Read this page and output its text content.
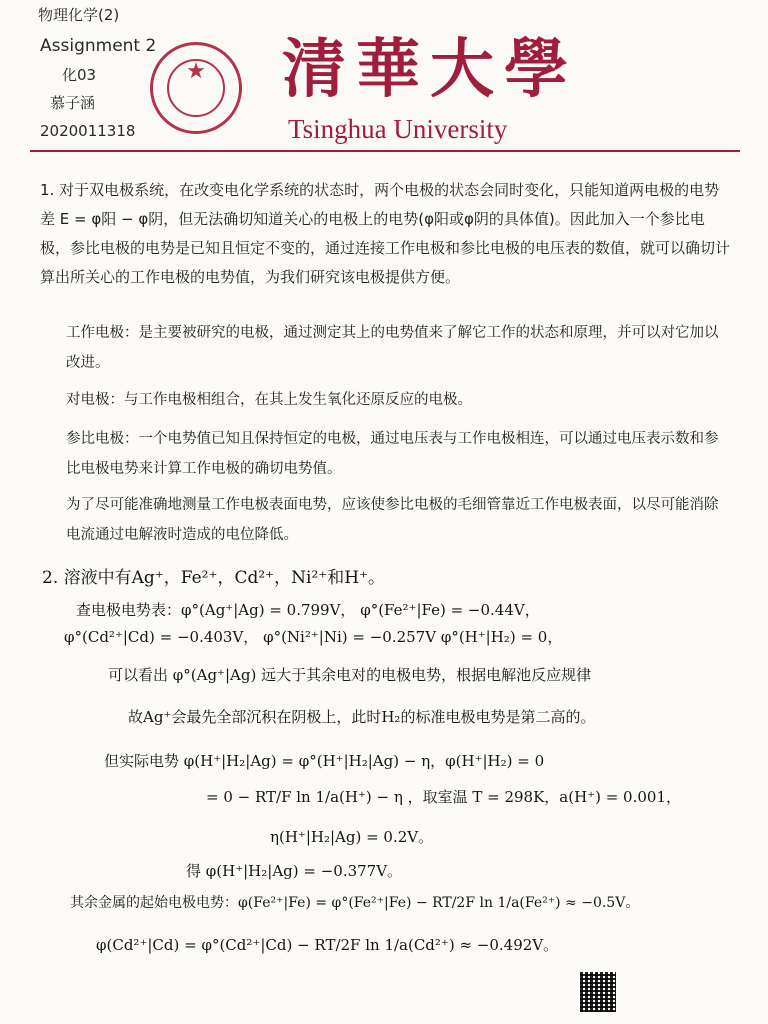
物理化学(2)
Assignment 2
化03
慕子涵
2020011318
★	清華大學
Tsinghua University
1. 对于双电极系统，在改变电化学系统的状态时，两个电极的状态会同时变化，只能知道两电极的电势差 E = φ阳 − φ阴，但无法确切知道关心的电极上的电势(φ阳或φ阴的具体值)。因此加入一个参比电极，参比电极的电势是已知且恒定不变的，通过连接工作电极和参比电极的电压表的数值，就可以确切计算出所关心的工作电极的电势值，为我们研究该电极提供方便。
工作电极：是主要被研究的电极，通过测定其上的电势值来了解它工作的状态和原理，并可以对它加以改进。
对电极：与工作电极相组合，在其上发生氧化还原反应的电极。
参比电极：一个电势值已知且保持恒定的电极，通过电压表与工作电极相连，可以通过电压表示数和参比电极电势来计算工作电极的确切电势值。
为了尽可能准确地测量工作电极表面电势，应该使参比电极的毛细管靠近工作电极表面，以尽可能消除电流通过电解液时造成的电位降低。
2. 溶液中有Ag⁺，Fe²⁺，Cd²⁺，Ni²⁺和H⁺。
查电极电势表：φ°(Ag⁺|Ag) = 0.799V， φ°(Fe²⁺|Fe) = −0.44V，
φ°(Cd²⁺|Cd) = −0.403V， φ°(Ni²⁺|Ni) = −0.257V φ°(H⁺|H₂) = 0，
可以看出 φ°(Ag⁺|Ag) 远大于其余电对的电极电势，根据电解池反应规律
故Ag⁺会最先全部沉积在阴极上，此时H₂的标准电极电势是第二高的。
但实际电势 φ(H⁺|H₂|Ag) = φ°(H⁺|H₂|Ag) − η，φ(H⁺|H₂) = 0
= 0 − RT/F ln 1/a(H⁺) − η ，取室温 T = 298K，a(H⁺) = 0.001，
η(H⁺|H₂|Ag) = 0.2V。
得 φ(H⁺|H₂|Ag) = −0.377V。
其余金属的起始电极电势：φ(Fe²⁺|Fe) = φ°(Fe²⁺|Fe) − RT/2F ln 1/a(Fe²⁺) ≈ −0.5V。
φ(Cd²⁺|Cd) = φ°(Cd²⁺|Cd) − RT/2F ln 1/a(Cd²⁺) ≈ −0.492V。
